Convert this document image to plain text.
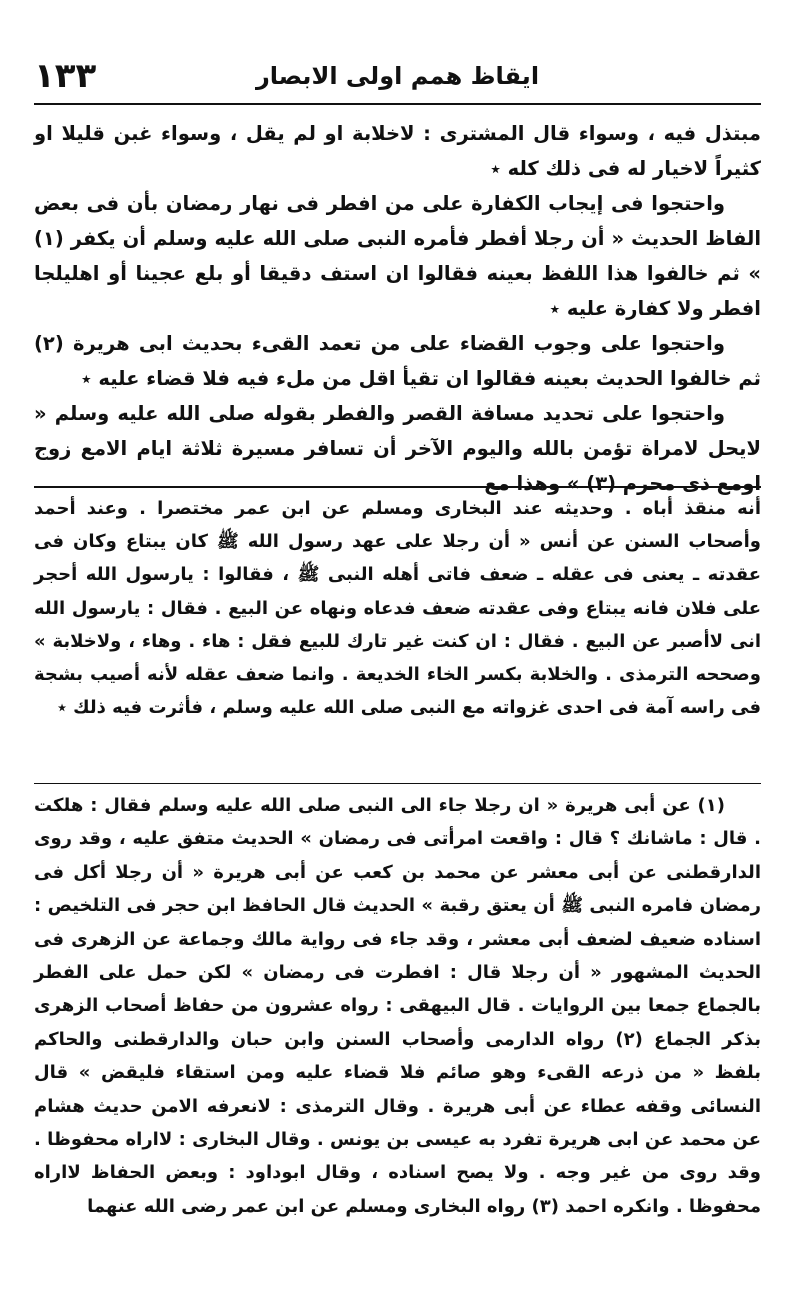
١٣٣	ايقاظ همم اولى الابصار

مبتذل فيه ، وسواء قال المشترى : لاخلابة او لم يقل ، وسواء غبن قليلا او كثيراً لاخيار له فى ذلك كله ٭

واحتجوا فى إيجاب الكفارة على من افطر فى نهار رمضان بأن فى بعض الفاظ الحديث « أن رجلا أفطر فأمره النبى صلى الله عليه وسلم أن يكفر (١) » ثم خالفوا هذا اللفظ بعينه فقالوا ان استف دقيقا أو بلع عجينا أو اهليلجا افطر ولا كفارة عليه ٭

واحتجوا على وجوب القضاء على من تعمد القىء بحديث ابى هريرة (٢) ثم خالفوا الحديث بعينه فقالوا ان تقيأ اقل من ملء فيه فلا قضاء عليه ٭

واحتجوا على تحديد مسافة القصر والفطر بقوله صلى الله عليه وسلم « لايحل لامراة تؤمن بالله واليوم الآخر أن تسافر مسيرة ثلاثة ايام الامع زوج اومع ذى محرم (٣) » وهذا مع

أنه منقذ أباه . وحديثه عند البخارى ومسلم عن ابن عمر مختصرا . وعند أحمد وأصحاب السنن عن أنس « أن رجلا على عهد رسول الله ﷺ كان يبتاع وكان فى عقدته ـ يعنى فى عقله ـ ضعف فاتى أهله النبى ﷺ ، فقالوا : يارسول الله أحجر على فلان فانه يبتاع وفى عقدته ضعف فدعاه ونهاه عن البيع . فقال : يارسول الله انى لاأصبر عن البيع . فقال : ان كنت غير تارك للبيع فقل : هاء . وهاء ، ولاخلابة » وصححه الترمذى . والخلابة بكسر الخاء الخديعة . وانما ضعف عقله لأنه أصيب بشجة فى راسه آمة فى احدى غزواته مع النبى صلى الله عليه وسلم ، فأثرت فيه ذلك ٭

(١) عن أبى هريرة « ان رجلا جاء الى النبى صلى الله عليه وسلم فقال : هلكت . قال : ماشانك ؟ قال : واقعت امرأتى فى رمضان » الحديث متفق عليه ، وقد روى الدارقطنى عن أبى معشر عن محمد بن كعب عن أبى هريرة « أن رجلا أكل فى رمضان فامره النبى ﷺ أن يعتق رقبة » الحديث قال الحافظ ابن حجر فى التلخيص : اسناده ضعيف لضعف أبى معشر ، وقد جاء فى رواية مالك وجماعة عن الزهرى فى الحديث المشهور « أن رجلا قال : افطرت فى رمضان » لكن حمل على الفطر بالجماع جمعا بين الروايات . قال البيهقى : رواه عشرون من حفاظ أصحاب الزهرى بذكر الجماع (٢) رواه الدارمى وأصحاب السنن وابن حبان والدارقطنى والحاكم بلفظ « من ذرعه القىء وهو صائم فلا قضاء عليه ومن استقاء فليقض » قال النسائى وقفه عطاء عن أبى هريرة . وقال الترمذى : لانعرفه الامن حديث هشام عن محمد عن ابى هريرة تفرد به عيسى بن يونس . وقال البخارى : لااراه محفوظا . وقد روى من غير وجه . ولا يصح اسناده ، وقال ابوداود : وبعض الحفاظ لااراه محفوظا . وانكره احمد (٣) رواه البخارى ومسلم عن ابن عمر رضى الله عنهما
